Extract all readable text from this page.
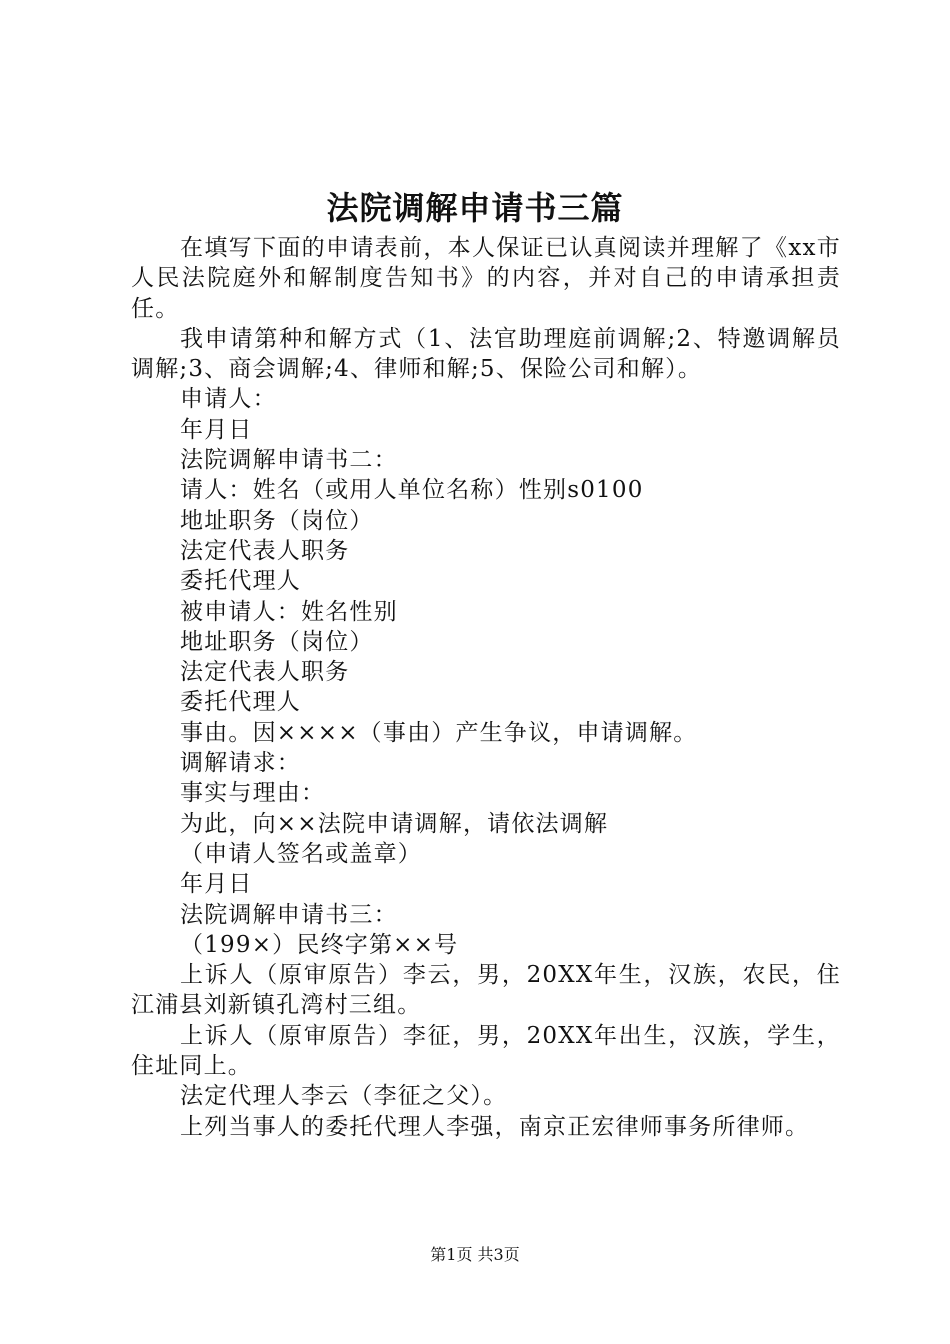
法院调解申请书三篇

在填写下面的申请表前，本人保证已认真阅读并理解了《xx市人民法院庭外和解制度告知书》的内容，并对自己的申请承担责任。

我申请第种和解方式（1、法官助理庭前调解;2、特邀调解员调解;3、商会调解;4、律师和解;5、保险公司和解）。

申请人：

年月日

法院调解申请书二：

请人：姓名（或用人单位名称）性别s0100

地址职务（岗位）

法定代表人职务

委托代理人

被申请人：姓名性别

地址职务（岗位）

法定代表人职务

委托代理人

事由。因××××（事由）产生争议，申请调解。

调解请求：

事实与理由：

为此，向××法院申请调解，请依法调解

（申请人签名或盖章）

年月日

法院调解申请书三：

（199×）民终字第××号

上诉人（原审原告）李云，男，20XX年生，汉族，农民，住江浦县刘新镇孔湾村三组。

上诉人（原审原告）李征，男，20XX年出生，汉族，学生，住址同上。

法定代理人李云（李征之父）。

上列当事人的委托代理人李强，南京正宏律师事务所律师。

第1页 共3页
